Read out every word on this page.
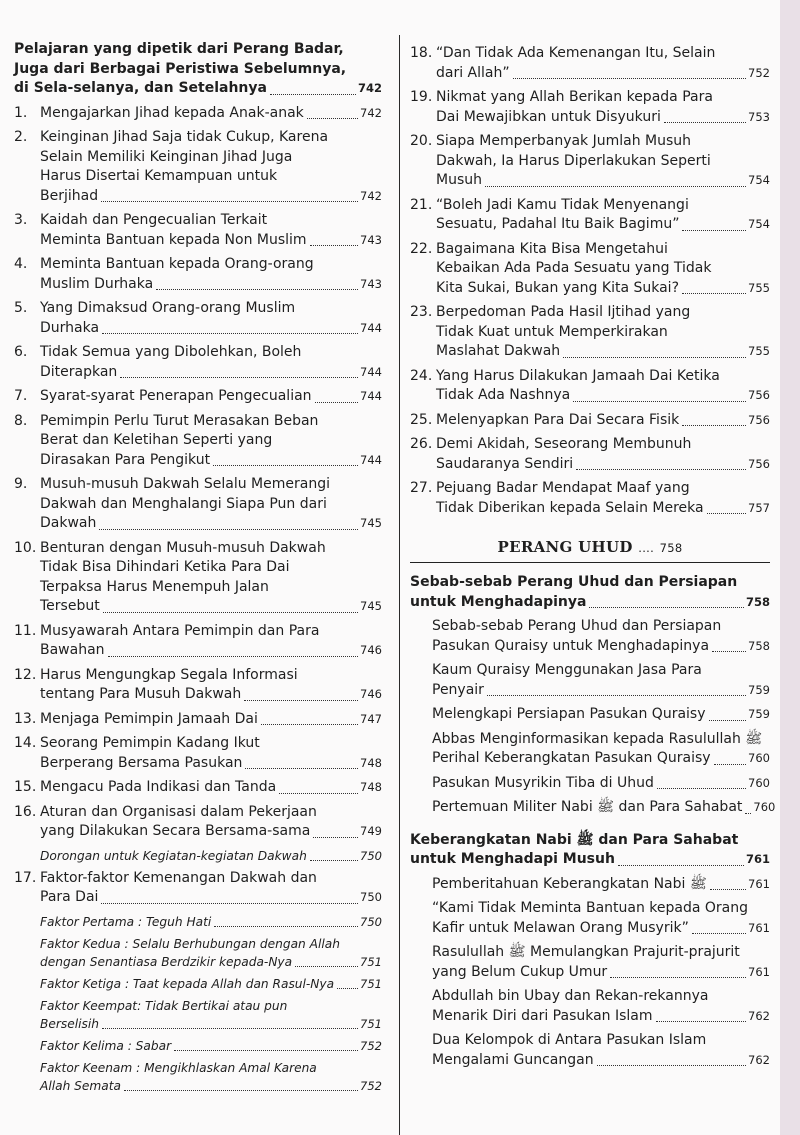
Pelajaran yang dipetik dari Perang Badar,
Juga dari Berbagai Peristiwa Sebelumnya,
di Sela-selanya, dan Setelahnya	742
1. Mengajarkan Jihad kepada Anak-anak	742
2. Keinginan Jihad Saja tidak Cukup, Karena
Selain Memiliki Keinginan Jihad Juga
Harus Disertai Kemampuan untuk
Berjihad	742
3. Kaidah dan Pengecualian Terkait
Meminta Bantuan kepada Non Muslim	743
4. Meminta Bantuan kepada Orang-orang
Muslim Durhaka	743
5. Yang Dimaksud Orang-orang Muslim
Durhaka	744
6. Tidak Semua yang Dibolehkan, Boleh
Diterapkan	744
7. Syarat-syarat Penerapan Pengecualian	744
8. Pemimpin Perlu Turut Merasakan Beban
Berat dan Keletihan Seperti yang
Dirasakan Para Pengikut	744
9. Musuh-musuh Dakwah Selalu Memerangi
Dakwah dan Menghalangi Siapa Pun dari
Dakwah	745
10. Benturan dengan Musuh-musuh Dakwah
Tidak Bisa Dihindari Ketika Para Dai
Terpaksa Harus Menempuh Jalan
Tersebut	745
11. Musyawarah Antara Pemimpin dan Para
Bawahan	746
12. Harus Mengungkap Segala Informasi
tentang Para Musuh Dakwah	746
13. Menjaga Pemimpin Jamaah Dai	747
14. Seorang Pemimpin Kadang Ikut
Berperang Bersama Pasukan	748
15. Mengacu Pada Indikasi dan Tanda	748
16. Aturan dan Organisasi dalam Pekerjaan
yang Dilakukan Secara Bersama-sama	749
Dorongan untuk Kegiatan-kegiatan Dakwah	750
17. Faktor-faktor Kemenangan Dakwah dan
Para Dai	750
Faktor Pertama : Teguh Hati	750
Faktor Kedua : Selalu Berhubungan dengan Allah
dengan Senantiasa Berdzikir kepada-Nya	751
Faktor Ketiga : Taat kepada Allah dan Rasul-Nya 751
Faktor Keempat: Tidak Bertikai atau pun
Berselisih	751
Faktor Kelima : Sabar	752
Faktor Keenam : Mengikhlaskan Amal Karena
Allah Semata	752
18. “Dan Tidak Ada Kemenangan Itu, Selain
dari Allah”	752
19. Nikmat yang Allah Berikan kepada Para
Dai Mewajibkan untuk Disyukuri	753
20. Siapa Memperbanyak Jumlah Musuh
Dakwah, Ia Harus Diperlakukan Seperti
Musuh	754
21. “Boleh Jadi Kamu Tidak Menyenangi
Sesuatu, Padahal Itu Baik Bagimu”	754
22. Bagaimana Kita Bisa Mengetahui
Kebaikan Ada Pada Sesuatu yang Tidak
Kita Sukai, Bukan yang Kita Sukai?	755
23. Berpedoman Pada Hasil Ijtihad yang
Tidak Kuat untuk Memperkirakan
Maslahat Dakwah	755
24. Yang Harus Dilakukan Jamaah Dai Ketika
Tidak Ada Nashnya	756
25. Melenyapkan Para Dai Secara Fisik	756
26. Demi Akidah, Seseorang Membunuh
Saudaranya Sendiri	756
27. Pejuang Badar Mendapat Maaf yang
Tidak Diberikan kepada Selain Mereka	757
PERANG UHUD .... 758
Sebab-sebab Perang Uhud dan Persiapan
untuk Menghadapinya	758
Sebab-sebab Perang Uhud dan Persiapan
Pasukan Quraisy untuk Menghadapinya	758
Kaum Quraisy Menggunakan Jasa Para
Penyair	759
Melengkapi Persiapan Pasukan Quraisy	759
Abbas Menginformasikan kepada Rasulullah ﷺ
Perihal Keberangkatan Pasukan Quraisy	760
Pasukan Musyrikin Tiba di Uhud	760
Pertemuan Militer Nabi ﷺ dan Para Sahabat 760
Keberangkatan Nabi ﷺ dan Para Sahabat
untuk Menghadapi Musuh	761
Pemberitahuan Keberangkatan Nabi ﷺ	761
“Kami Tidak Meminta Bantuan kepada Orang
Kafir untuk Melawan Orang Musyrik”	761
Rasulullah ﷺ Memulangkan Prajurit-prajurit
yang Belum Cukup Umur	761
Abdullah bin Ubay dan Rekan-rekannya
Menarik Diri dari Pasukan Islam	762
Dua Kelompok di Antara Pasukan Islam
Mengalami Guncangan	762
